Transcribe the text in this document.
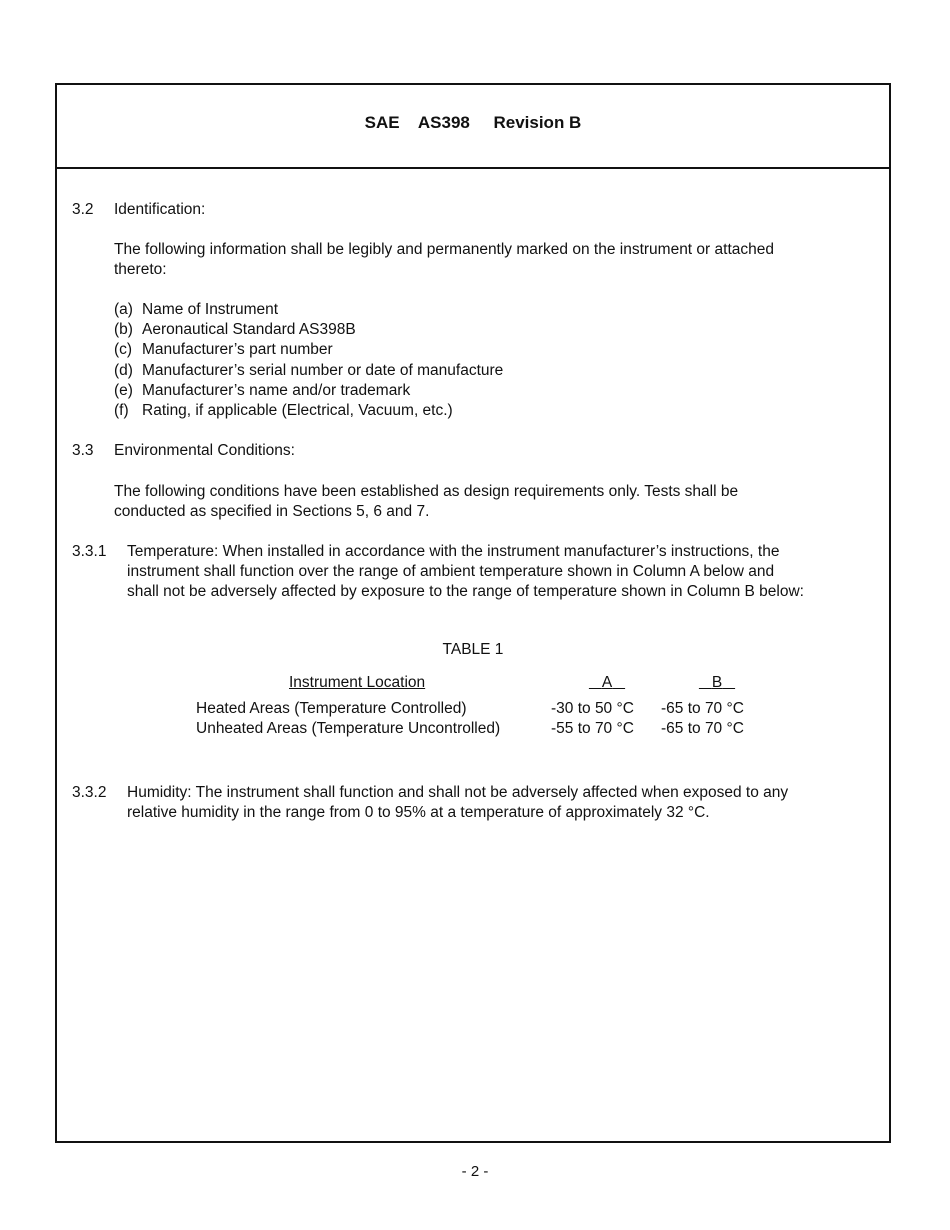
SAE    AS398     Revision B
3.2 Identification:
The following information shall be legibly and permanently marked on the instrument or attached
thereto:
(a) Name of Instrument
(b) Aeronautical Standard AS398B
(c) Manufacturer’s part number
(d) Manufacturer’s serial number or date of manufacture
(e) Manufacturer’s name and/or trademark
(f) Rating, if applicable (Electrical, Vacuum, etc.)
3.3 Environmental Conditions:
The following conditions have been established as design requirements only. Tests shall be
conducted as specified in Sections 5, 6 and 7.
3.3.1 Temperature: When installed in accordance with the instrument manufacturer’s instructions, the
instrument shall function over the range of ambient temperature shown in Column A below and
shall not be adversely affected by exposure to the range of temperature shown in Column B below:
TABLE 1
Instrument Location	A	B
Heated Areas (Temperature Controlled)	-30 to 50 °C -65 to 70 °C
Unheated Areas (Temperature Uncontrolled)	-55 to 70 °C -65 to 70 °C
3.3.2 Humidity: The instrument shall function and shall not be adversely affected when exposed to any
relative humidity in the range from 0 to 95% at a temperature of approximately 32 °C.
- 2 -
